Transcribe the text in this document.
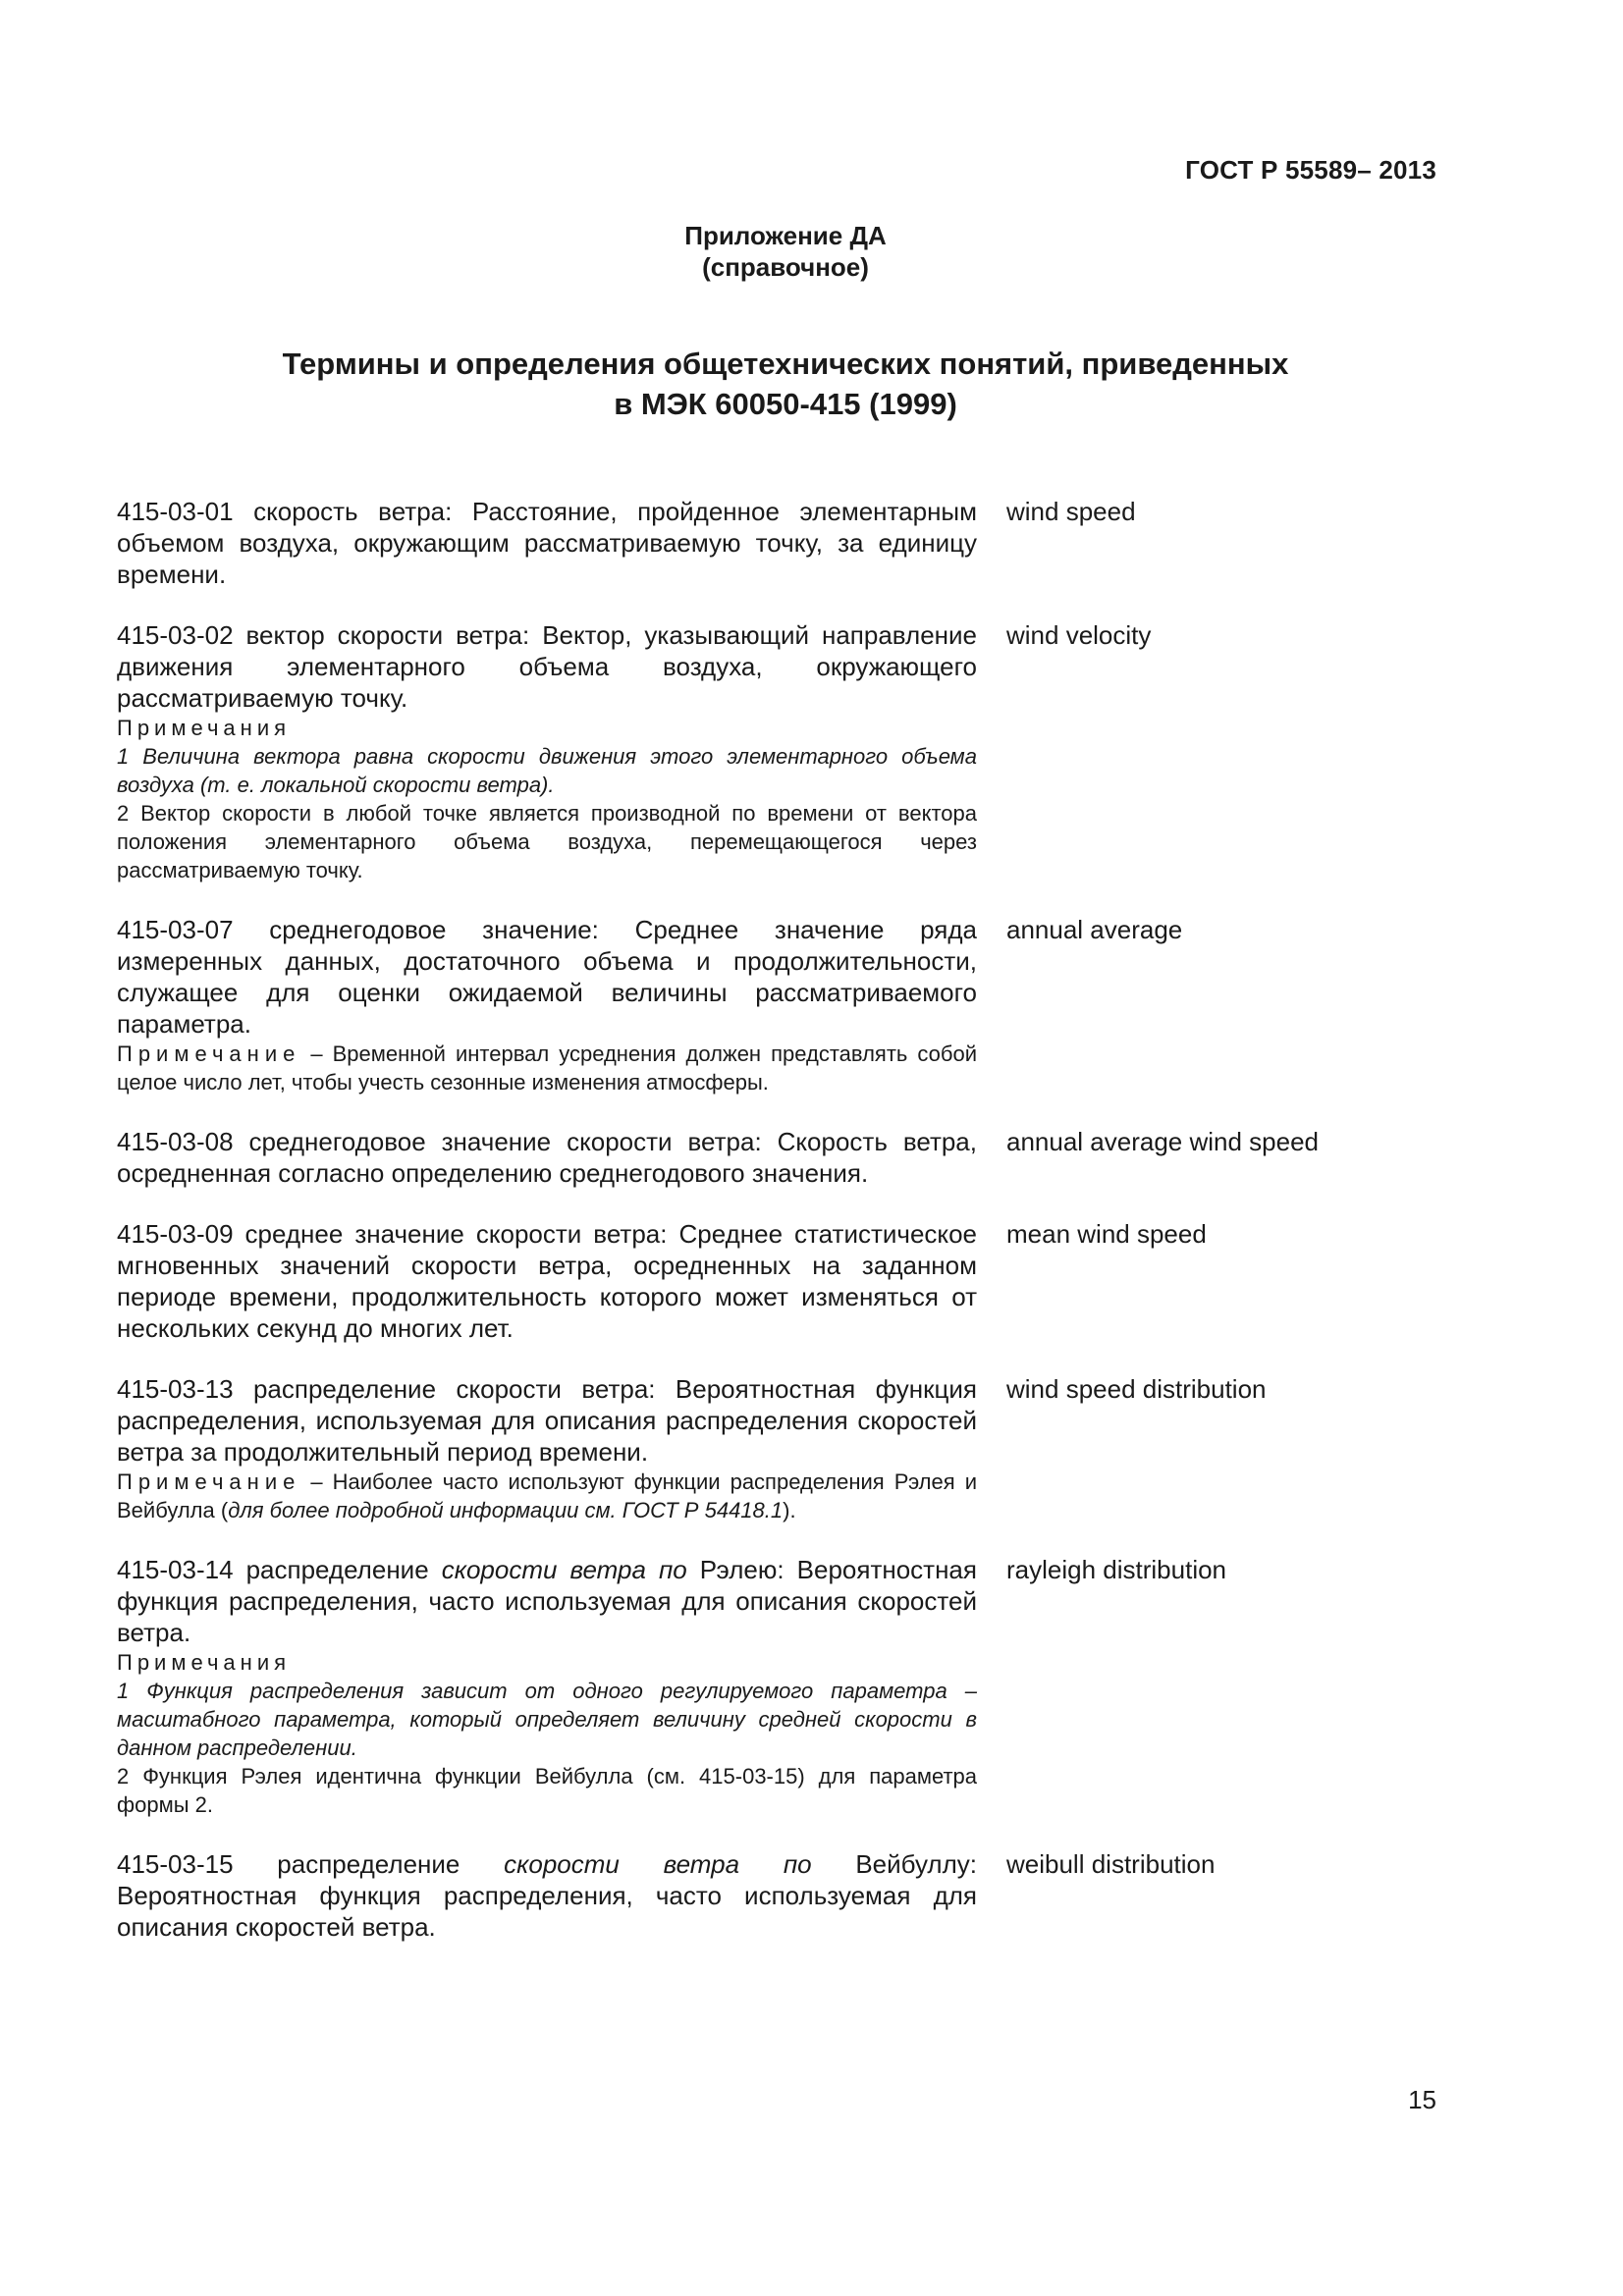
ГОСТ Р 55589– 2013
Приложение ДА
(справочное)
Термины и определения общетехнических понятий, приведенных
в МЭК 60050-415 (1999)
415-03-01 скорость ветра: Расстояние, пройденное элементарным объемом воздуха, окружающим рассматриваемую точку, за единицу времени.
wind speed
415-03-02 вектор скорости ветра: Вектор, указывающий направление движения элементарного объема воздуха, окружающего рассматриваемую точку.
Примечания
1 Величина вектора равна скорости движения этого элементарного объема воздуха (т. е. локальной скорости ветра).
2 Вектор скорости в любой точке является производной по времени от вектора положения элементарного объема воздуха, перемещающегося через рассматриваемую точку.
wind velocity
415-03-07 среднегодовое значение: Среднее значение ряда измеренных данных, достаточного объема и продолжительности, служащее для оценки ожидаемой величины рассматриваемого параметра.
Примечание – Временной интервал усреднения должен представлять собой целое число лет, чтобы учесть сезонные изменения атмосферы.
annual average
415-03-08 среднегодовое значение скорости ветра: Скорость ветра, осредненная согласно определению среднегодового значения.
annual average wind speed
415-03-09 среднее значение скорости ветра: Среднее статистическое мгновенных значений скорости ветра, осредненных на заданном периоде времени, продолжительность которого может изменяться от нескольких секунд до многих лет.
mean wind speed
415-03-13 распределение скорости ветра: Вероятностная функция распределения, используемая для описания распределения скоростей ветра за продолжительный период времени.
Примечание – Наиболее часто используют функции распределения Рэлея и Вейбулла (для более подробной информации см. ГОСТ Р 54418.1).
wind speed distribution
415-03-14 распределение скорости ветра по Рэлею: Вероятностная функция распределения, часто используемая для описания скоростей ветра.
Примечания
1 Функция распределения зависит от одного регулируемого параметра – масштабного параметра, который определяет величину средней скорости в данном распределении.
2 Функция Рэлея идентична функции Вейбулла (см. 415-03-15) для параметра формы 2.
rayleigh distribution
415-03-15 распределение скорости ветра по Вейбуллу: Вероятностная функция распределения, часто используемая для описания скоростей ветра.
weibull distribution
15
